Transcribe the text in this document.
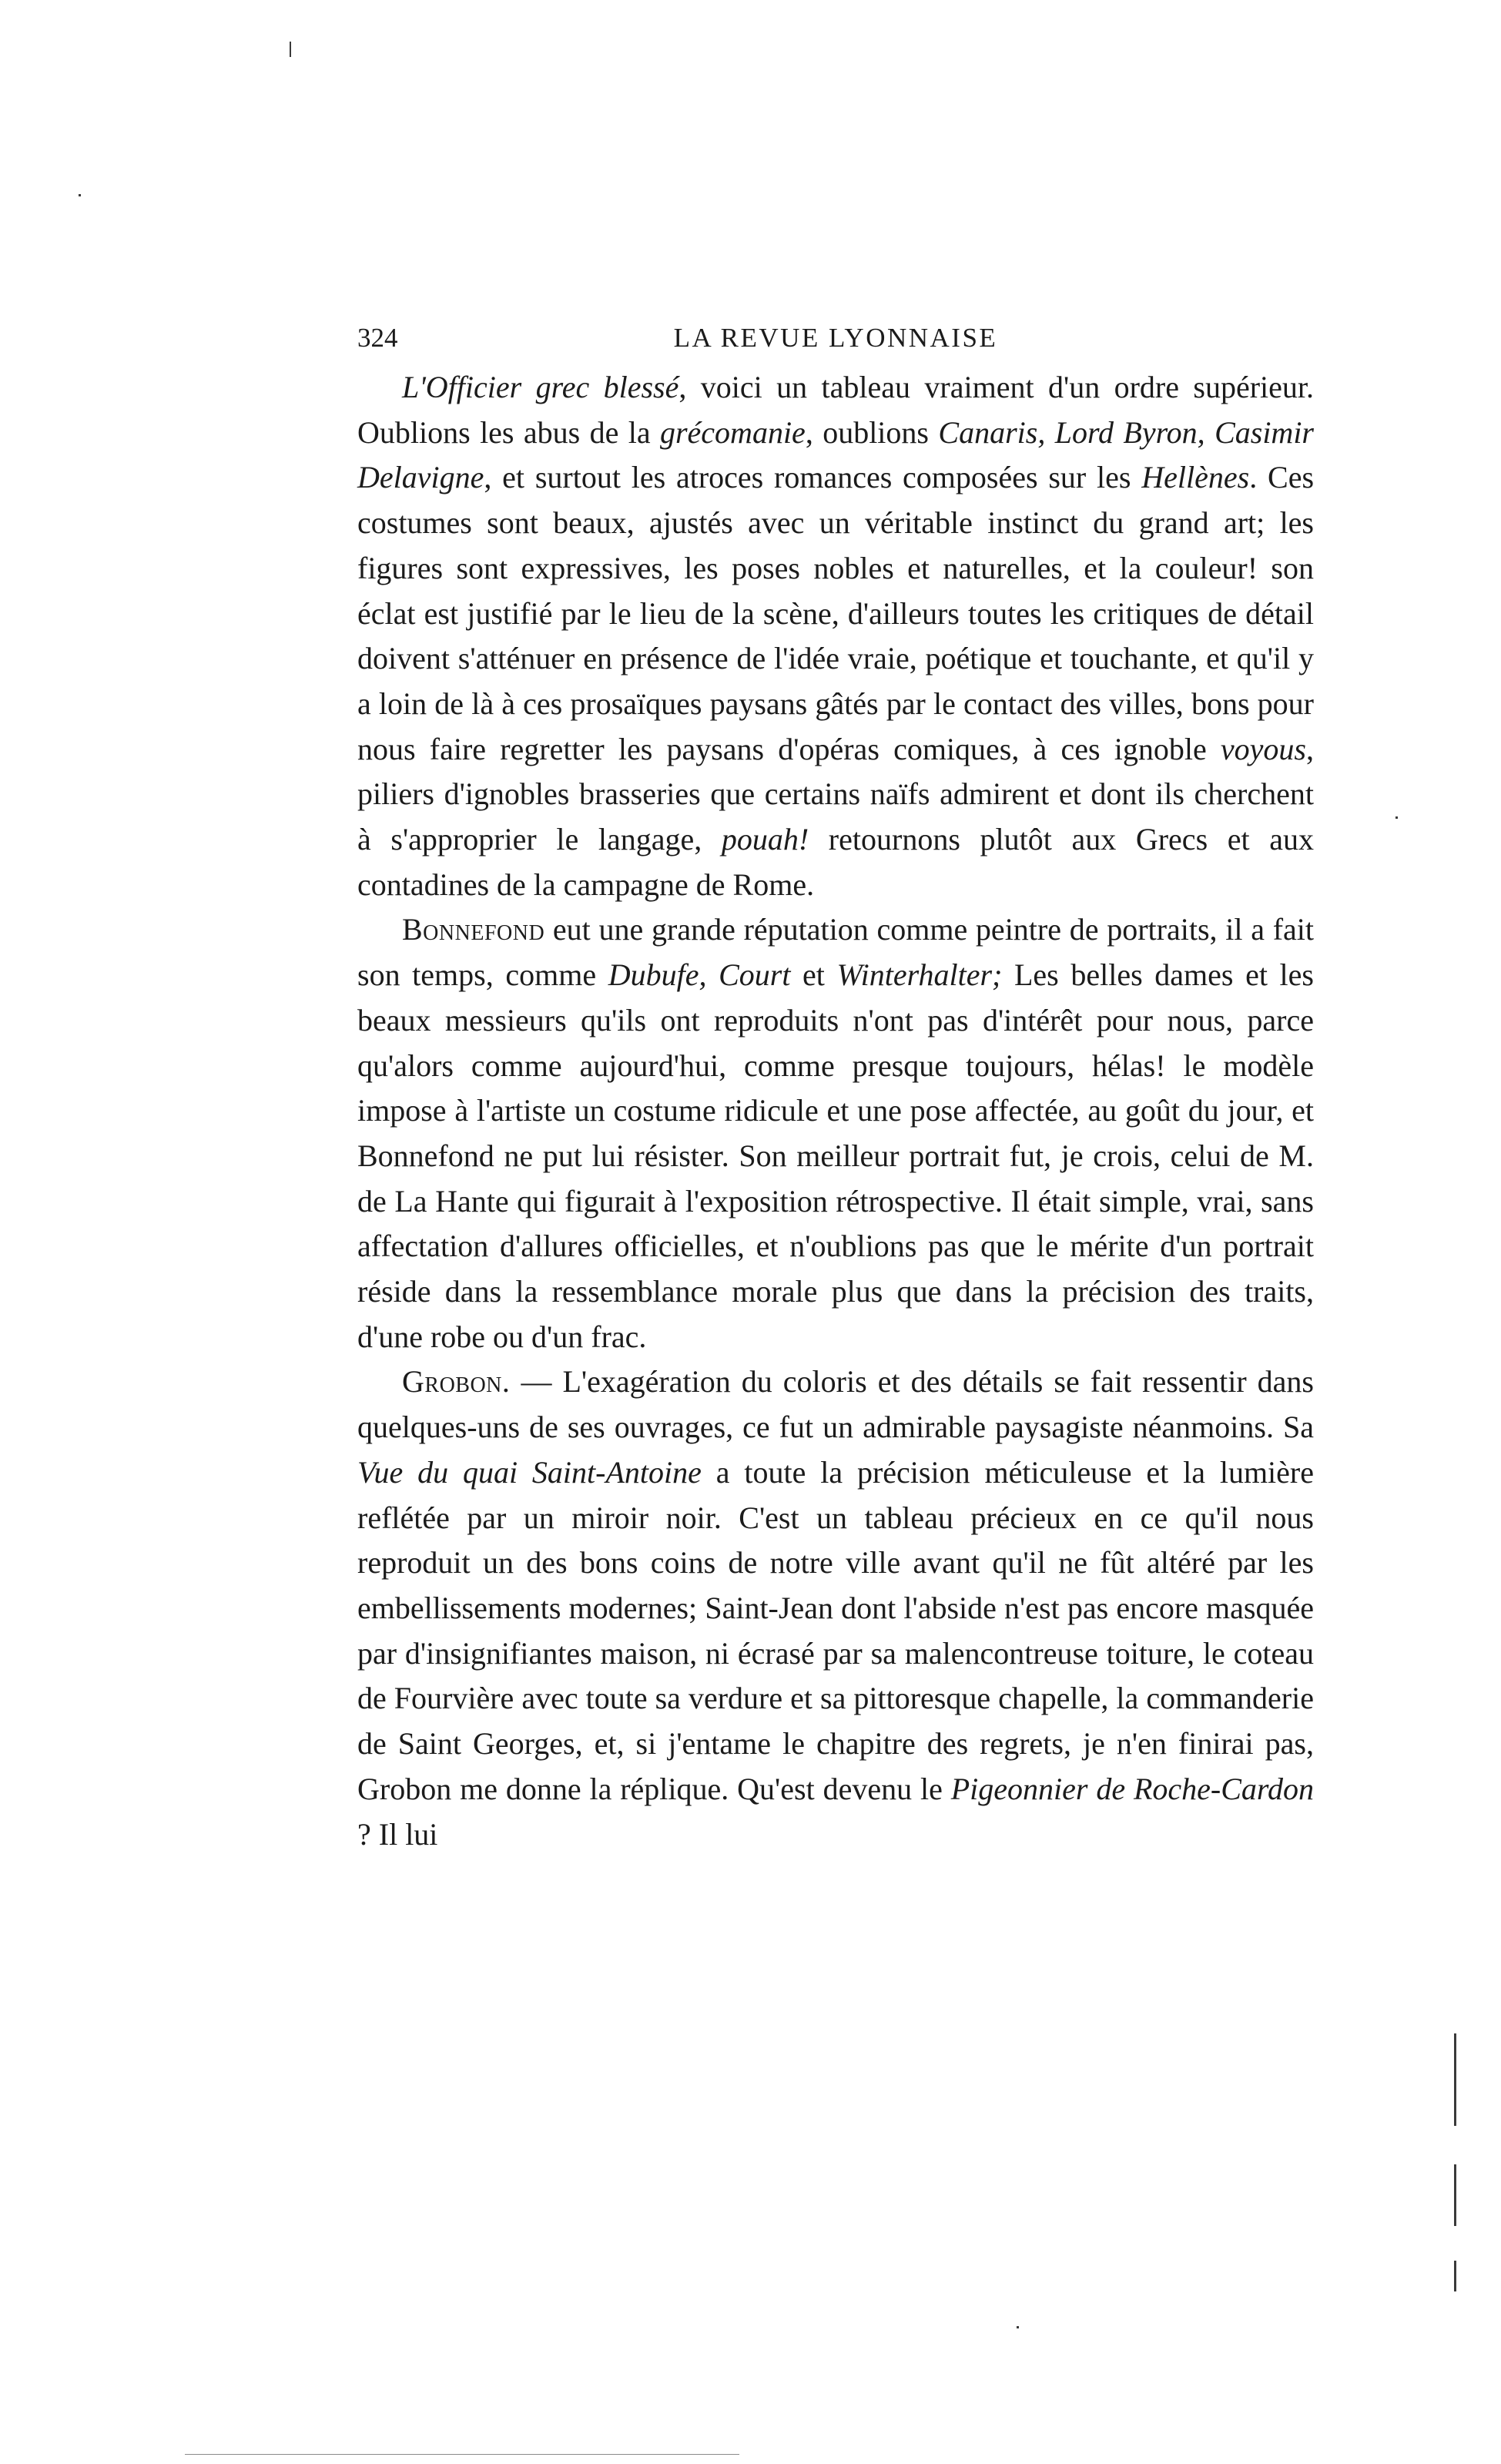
324	LA REVUE LYONNAISE

L'Officier grec blessé, voici un tableau vraiment d'un ordre supérieur. Oublions les abus de la grécomanie, oublions Canaris, Lord Byron, Casimir Delavigne, et surtout les atroces romances composées sur les Hellènes. Ces costumes sont beaux, ajustés avec un véritable instinct du grand art; les figures sont expressives, les poses nobles et naturelles, et la couleur! son éclat est justifié par le lieu de la scène, d'ailleurs toutes les critiques de détail doivent s'atténuer en présence de l'idée vraie, poétique et touchante, et qu'il y a loin de là à ces prosaïques paysans gâtés par le contact des villes, bons pour nous faire regretter les paysans d'opéras comiques, à ces ignoble voyous, piliers d'ignobles brasseries que certains naïfs admirent et dont ils cherchent à s'approprier le langage, pouah! retournons plutôt aux Grecs et aux contadines de la campagne de Rome.

Bonnefond eut une grande réputation comme peintre de portraits, il a fait son temps, comme Dubufe, Court et Winterhalter; Les belles dames et les beaux messieurs qu'ils ont reproduits n'ont pas d'intérêt pour nous, parce qu'alors comme aujourd'hui, comme presque toujours, hélas! le modèle impose à l'artiste un costume ridicule et une pose affectée, au goût du jour, et Bonnefond ne put lui résister. Son meilleur portrait fut, je crois, celui de M. de La Hante qui figurait à l'exposition rétrospective. Il était simple, vrai, sans affectation d'allures officielles, et n'oublions pas que le mérite d'un portrait réside dans la ressemblance morale plus que dans la précision des traits, d'une robe ou d'un frac.

Grobon. — L'exagération du coloris et des détails se fait ressentir dans quelques-uns de ses ouvrages, ce fut un admirable paysagiste néanmoins. Sa Vue du quai Saint-Antoine a toute la précision méticuleuse et la lumière reflétée par un miroir noir. C'est un tableau précieux en ce qu'il nous reproduit un des bons coins de notre ville avant qu'il ne fût altéré par les embellissements modernes; Saint-Jean dont l'abside n'est pas encore masquée par d'insignifiantes maison, ni écrasé par sa malencontreuse toiture, le coteau de Fourvière avec toute sa verdure et sa pittoresque chapelle, la commanderie de Saint Georges, et, si j'entame le chapitre des regrets, je n'en finirai pas, Grobon me donne la réplique. Qu'est devenu le Pigeonnier de Roche-Cardon ? Il lui
